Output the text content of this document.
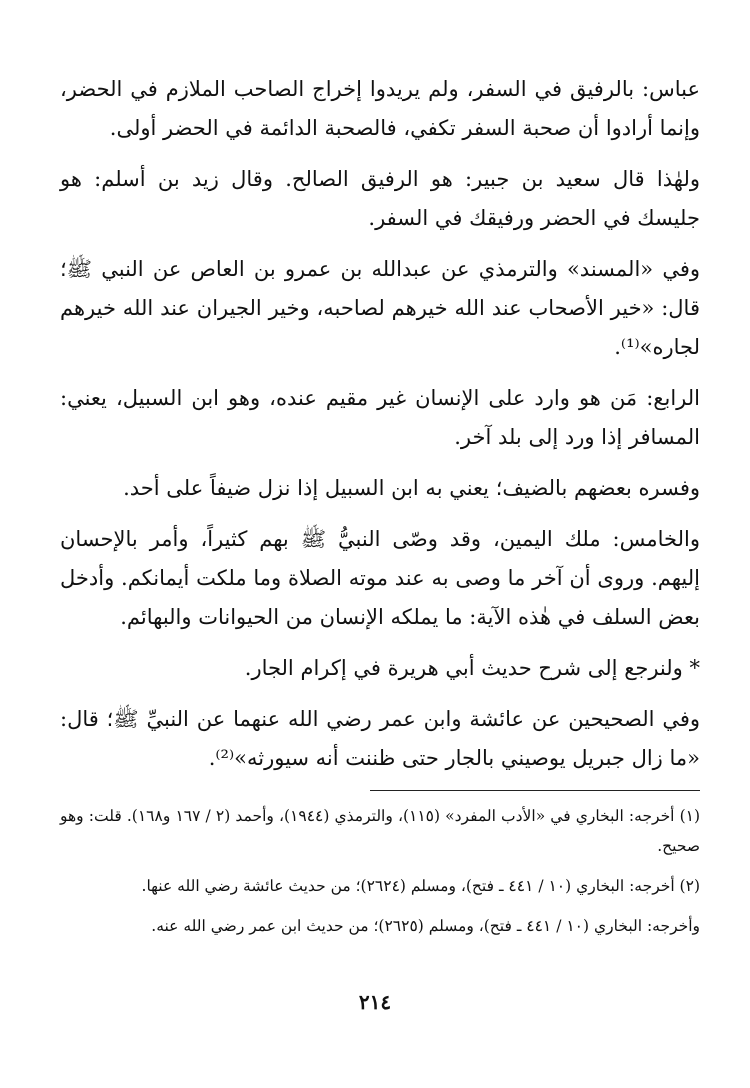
عباس: بالرفيق في السفر، ولم يريدوا إخراج الصاحب الملازم في الحضر، وإنما أرادوا أن صحبة السفر تكفي، فالصحبة الدائمة في الحضر أولى.

ولهٰذا قال سعيد بن جبير: هو الرفيق الصالح. وقال زيد بن أسلم: هو جليسك في الحضر ورفيقك في السفر.

وفي «المسند» والترمذي عن عبدالله بن عمرو بن العاص عن النبي ﷺ؛ قال: «خير الأصحاب عند الله خيرهم لصاحبه، وخير الجيران عند الله خيرهم لجاره»⁽¹⁾.

الرابع: مَن هو وارد على الإنسان غير مقيم عنده، وهو ابن السبيل، يعني: المسافر إذا ورد إلى بلد آخر.

وفسره بعضهم بالضيف؛ يعني به ابن السبيل إذا نزل ضيفاً على أحد.

والخامس: ملك اليمين، وقد وصّى النبيُّ ﷺ بهم كثيراً، وأمر بالإحسان إليهم. وروى أن آخر ما وصى به عند موته الصلاة وما ملكت أيمانكم. وأدخل بعض السلف في هٰذه الآية: ما يملكه الإنسان من الحيوانات والبهائم.

* ولنرجع إلى شرح حديث أبي هريرة في إكرام الجار.

وفي الصحيحين عن عائشة وابن عمر رضي الله عنهما عن النبيِّ ﷺ؛ قال: «ما زال جبريل يوصيني بالجار حتى ظننت أنه سيورثه»⁽²⁾.

(١) أخرجه: البخاري في «الأدب المفرد» (١١٥)، والترمذي (١٩٤٤)، وأحمد (٢ / ١٦٧ و١٦٨). قلت: وهو صحيح.

(٢) أخرجه: البخاري (١٠ / ٤٤١ ـ فتح)، ومسلم (٢٦٢٤)؛ من حديث عائشة رضي الله عنها.

وأخرجه: البخاري (١٠ / ٤٤١ ـ فتح)، ومسلم (٢٦٢٥)؛ من حديث ابن عمر رضي الله عنه.

٢١٤
